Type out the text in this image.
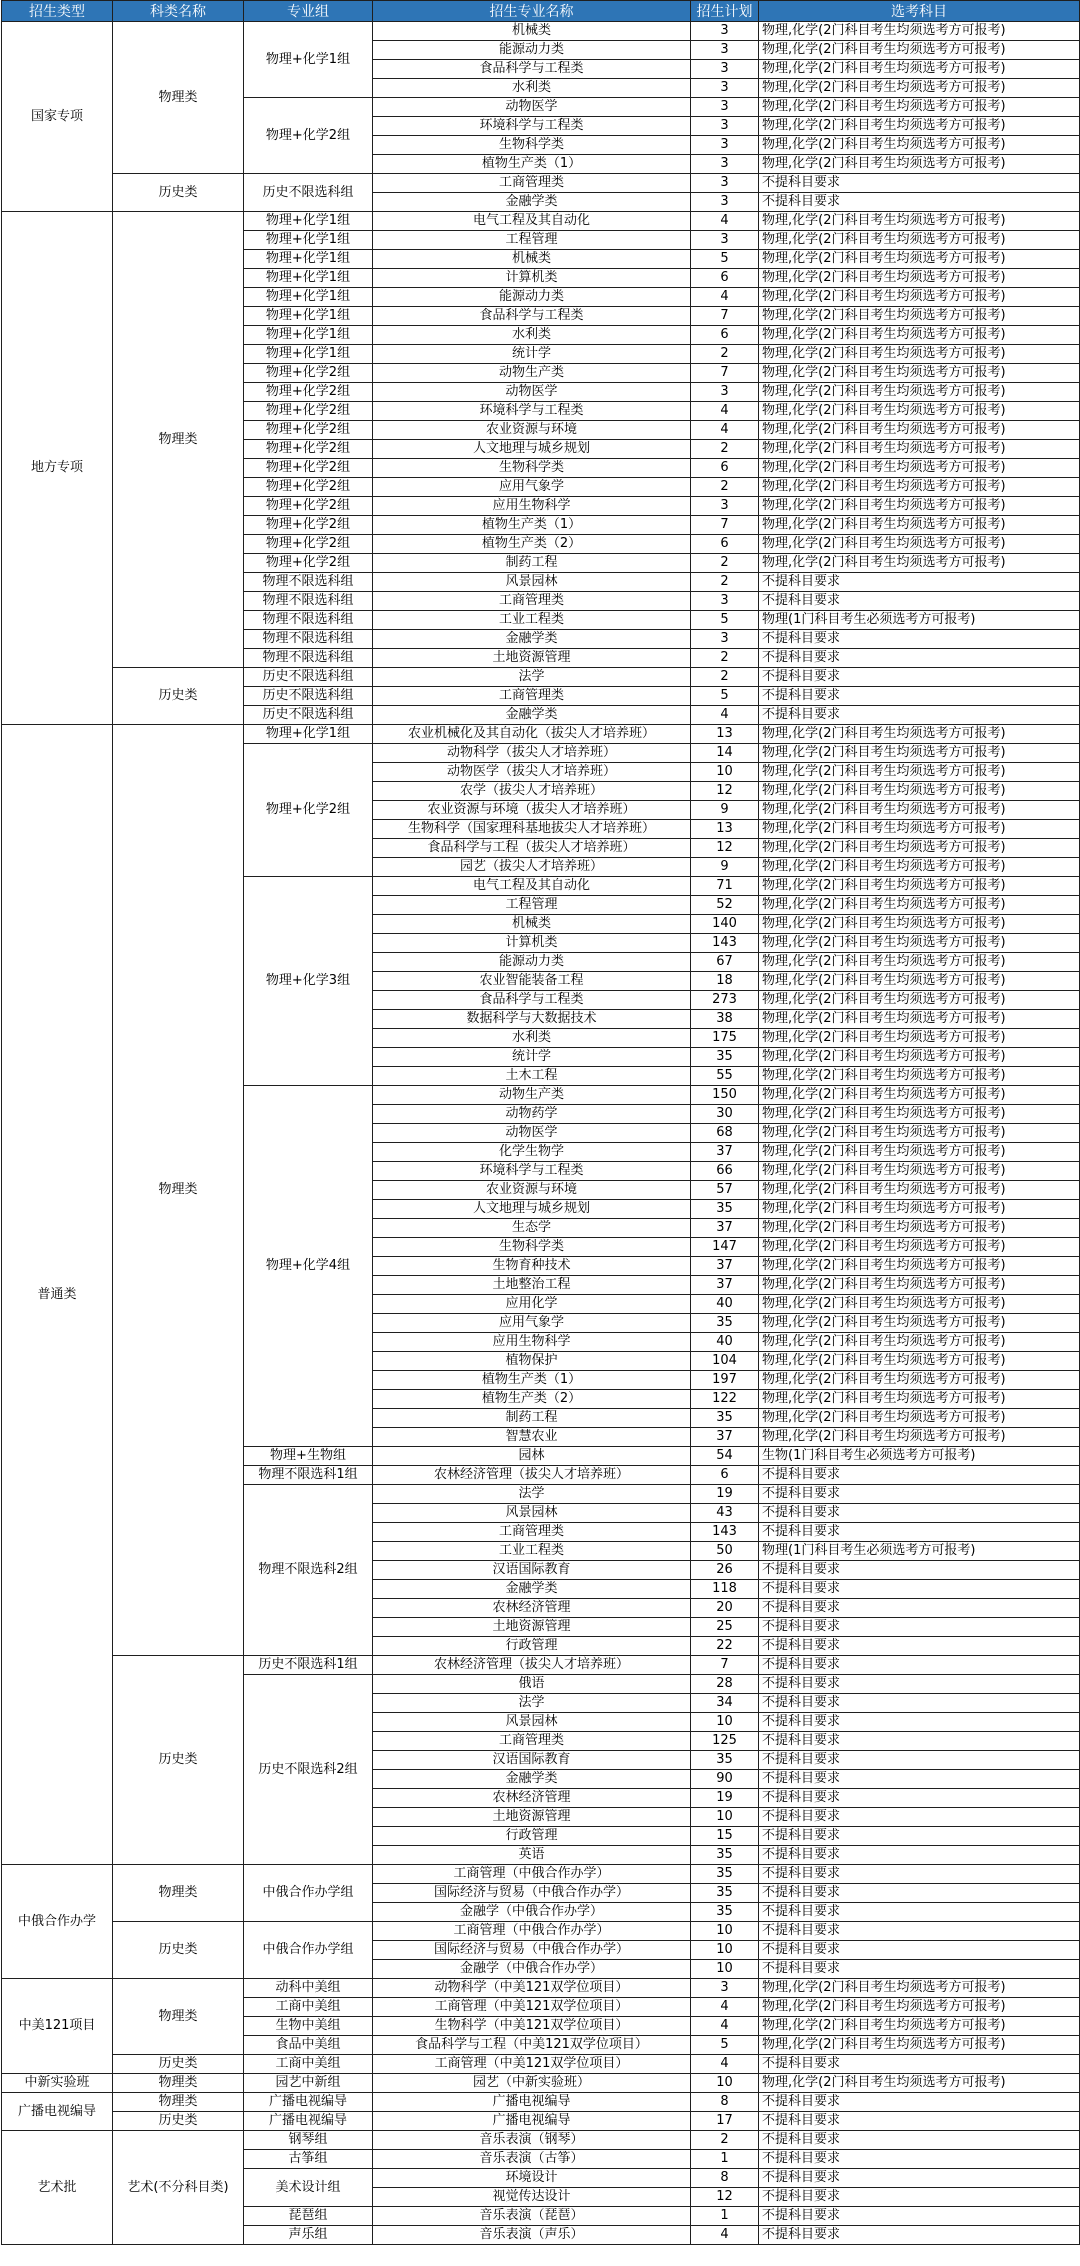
招生类型	科类名称	专业组	招生专业名称	招生计划	选考科目
国家专项	物理类	物理+化学1组	机械类	3	物理,化学(2门科目考生均须选考方可报考)
			能源动力类	3	物理,化学(2门科目考生均须选考方可报考)
			食品科学与工程类	3	物理,化学(2门科目考生均须选考方可报考)
			水利类	3	物理,化学(2门科目考生均须选考方可报考)
		物理+化学2组	动物医学	3	物理,化学(2门科目考生均须选考方可报考)
			环境科学与工程类	3	物理,化学(2门科目考生均须选考方可报考)
			生物科学类	3	物理,化学(2门科目考生均须选考方可报考)
			植物生产类（1）	3	物理,化学(2门科目考生均须选考方可报考)
	历史类	历史不限选科组	工商管理类	3	不提科目要求
			金融学类	3	不提科目要求
地方专项	物理类	物理+化学1组	电气工程及其自动化	4	物理,化学(2门科目考生均须选考方可报考)
		物理+化学1组	工程管理	3	物理,化学(2门科目考生均须选考方可报考)
		物理+化学1组	机械类	5	物理,化学(2门科目考生均须选考方可报考)
		物理+化学1组	计算机类	6	物理,化学(2门科目考生均须选考方可报考)
		物理+化学1组	能源动力类	4	物理,化学(2门科目考生均须选考方可报考)
		物理+化学1组	食品科学与工程类	7	物理,化学(2门科目考生均须选考方可报考)
		物理+化学1组	水利类	6	物理,化学(2门科目考生均须选考方可报考)
		物理+化学1组	统计学	2	物理,化学(2门科目考生均须选考方可报考)
		物理+化学2组	动物生产类	7	物理,化学(2门科目考生均须选考方可报考)
		物理+化学2组	动物医学	3	物理,化学(2门科目考生均须选考方可报考)
		物理+化学2组	环境科学与工程类	4	物理,化学(2门科目考生均须选考方可报考)
		物理+化学2组	农业资源与环境	4	物理,化学(2门科目考生均须选考方可报考)
		物理+化学2组	人文地理与城乡规划	2	物理,化学(2门科目考生均须选考方可报考)
		物理+化学2组	生物科学类	6	物理,化学(2门科目考生均须选考方可报考)
		物理+化学2组	应用气象学	2	物理,化学(2门科目考生均须选考方可报考)
		物理+化学2组	应用生物科学	3	物理,化学(2门科目考生均须选考方可报考)
		物理+化学2组	植物生产类（1）	7	物理,化学(2门科目考生均须选考方可报考)
		物理+化学2组	植物生产类（2）	6	物理,化学(2门科目考生均须选考方可报考)
		物理+化学2组	制药工程	2	物理,化学(2门科目考生均须选考方可报考)
		物理不限选科组	风景园林	2	不提科目要求
		物理不限选科组	工商管理类	3	不提科目要求
		物理不限选科组	工业工程类	5	物理(1门科目考生必须选考方可报考)
		物理不限选科组	金融学类	3	不提科目要求
		物理不限选科组	土地资源管理	2	不提科目要求
	历史类	历史不限选科组	法学	2	不提科目要求
		历史不限选科组	工商管理类	5	不提科目要求
		历史不限选科组	金融学类	4	不提科目要求
普通类	物理类	物理+化学1组	农业机械化及其自动化（拔尖人才培养班）	13	物理,化学(2门科目考生均须选考方可报考)
		物理+化学2组	动物科学（拔尖人才培养班）	14	物理,化学(2门科目考生均须选考方可报考)
			动物医学（拔尖人才培养班）	10	物理,化学(2门科目考生均须选考方可报考)
			农学（拔尖人才培养班）	12	物理,化学(2门科目考生均须选考方可报考)
			农业资源与环境（拔尖人才培养班）	9	物理,化学(2门科目考生均须选考方可报考)
			生物科学（国家理科基地拔尖人才培养班）	13	物理,化学(2门科目考生均须选考方可报考)
			食品科学与工程（拔尖人才培养班）	12	物理,化学(2门科目考生均须选考方可报考)
			园艺（拔尖人才培养班）	9	物理,化学(2门科目考生均须选考方可报考)
		物理+化学3组	电气工程及其自动化	71	物理,化学(2门科目考生均须选考方可报考)
			工程管理	52	物理,化学(2门科目考生均须选考方可报考)
			机械类	140	物理,化学(2门科目考生均须选考方可报考)
			计算机类	143	物理,化学(2门科目考生均须选考方可报考)
			能源动力类	67	物理,化学(2门科目考生均须选考方可报考)
			农业智能装备工程	18	物理,化学(2门科目考生均须选考方可报考)
			食品科学与工程类	273	物理,化学(2门科目考生均须选考方可报考)
			数据科学与大数据技术	38	物理,化学(2门科目考生均须选考方可报考)
			水利类	175	物理,化学(2门科目考生均须选考方可报考)
			统计学	35	物理,化学(2门科目考生均须选考方可报考)
			土木工程	55	物理,化学(2门科目考生均须选考方可报考)
		物理+化学4组	动物生产类	150	物理,化学(2门科目考生均须选考方可报考)
			动物药学	30	物理,化学(2门科目考生均须选考方可报考)
			动物医学	68	物理,化学(2门科目考生均须选考方可报考)
			化学生物学	37	物理,化学(2门科目考生均须选考方可报考)
			环境科学与工程类	66	物理,化学(2门科目考生均须选考方可报考)
			农业资源与环境	57	物理,化学(2门科目考生均须选考方可报考)
			人文地理与城乡规划	35	物理,化学(2门科目考生均须选考方可报考)
			生态学	37	物理,化学(2门科目考生均须选考方可报考)
			生物科学类	147	物理,化学(2门科目考生均须选考方可报考)
			生物育种技术	37	物理,化学(2门科目考生均须选考方可报考)
			土地整治工程	37	物理,化学(2门科目考生均须选考方可报考)
			应用化学	40	物理,化学(2门科目考生均须选考方可报考)
			应用气象学	35	物理,化学(2门科目考生均须选考方可报考)
			应用生物科学	40	物理,化学(2门科目考生均须选考方可报考)
			植物保护	104	物理,化学(2门科目考生均须选考方可报考)
			植物生产类（1）	197	物理,化学(2门科目考生均须选考方可报考)
			植物生产类（2）	122	物理,化学(2门科目考生均须选考方可报考)
			制药工程	35	物理,化学(2门科目考生均须选考方可报考)
			智慧农业	37	物理,化学(2门科目考生均须选考方可报考)
		物理+生物组	园林	54	生物(1门科目考生必须选考方可报考)
		物理不限选科1组	农林经济管理（拔尖人才培养班）	6	不提科目要求
		物理不限选科2组	法学	19	不提科目要求
			风景园林	43	不提科目要求
			工商管理类	143	不提科目要求
			工业工程类	50	物理(1门科目考生必须选考方可报考)
			汉语国际教育	26	不提科目要求
			金融学类	118	不提科目要求
			农林经济管理	20	不提科目要求
			土地资源管理	25	不提科目要求
			行政管理	22	不提科目要求
	历史类	历史不限选科1组	农林经济管理（拔尖人才培养班）	7	不提科目要求
		历史不限选科2组	俄语	28	不提科目要求
			法学	34	不提科目要求
			风景园林	10	不提科目要求
			工商管理类	125	不提科目要求
			汉语国际教育	35	不提科目要求
			金融学类	90	不提科目要求
			农林经济管理	19	不提科目要求
			土地资源管理	10	不提科目要求
			行政管理	15	不提科目要求
			英语	35	不提科目要求
中俄合作办学	物理类	中俄合作办学组	工商管理（中俄合作办学）	35	不提科目要求
			国际经济与贸易（中俄合作办学）	35	不提科目要求
			金融学（中俄合作办学）	35	不提科目要求
	历史类	中俄合作办学组	工商管理（中俄合作办学）	10	不提科目要求
			国际经济与贸易（中俄合作办学）	10	不提科目要求
			金融学（中俄合作办学）	10	不提科目要求
中美121项目	物理类	动科中美组	动物科学（中美121双学位项目）	3	物理,化学(2门科目考生均须选考方可报考)
		工商中美组	工商管理（中美121双学位项目）	4	物理,化学(2门科目考生均须选考方可报考)
		生物中美组	生物科学（中美121双学位项目）	4	物理,化学(2门科目考生均须选考方可报考)
		食品中美组	食品科学与工程（中美121双学位项目）	5	物理,化学(2门科目考生均须选考方可报考)
	历史类	工商中美组	工商管理（中美121双学位项目）	4	不提科目要求
中新实验班	物理类	园艺中新组	园艺（中新实验班）	10	物理,化学(2门科目考生均须选考方可报考)
广播电视编导	物理类	广播电视编导	广播电视编导	8	不提科目要求
	历史类	广播电视编导	广播电视编导	17	不提科目要求
艺术批	艺术(不分科目类)	钢琴组	音乐表演（钢琴）	2	不提科目要求
		古筝组	音乐表演（古筝）	1	不提科目要求
		美术设计组	环境设计	8	不提科目要求
			视觉传达设计	12	不提科目要求
		琵琶组	音乐表演（琵琶）	1	不提科目要求
		声乐组	音乐表演（声乐）	4	不提科目要求
